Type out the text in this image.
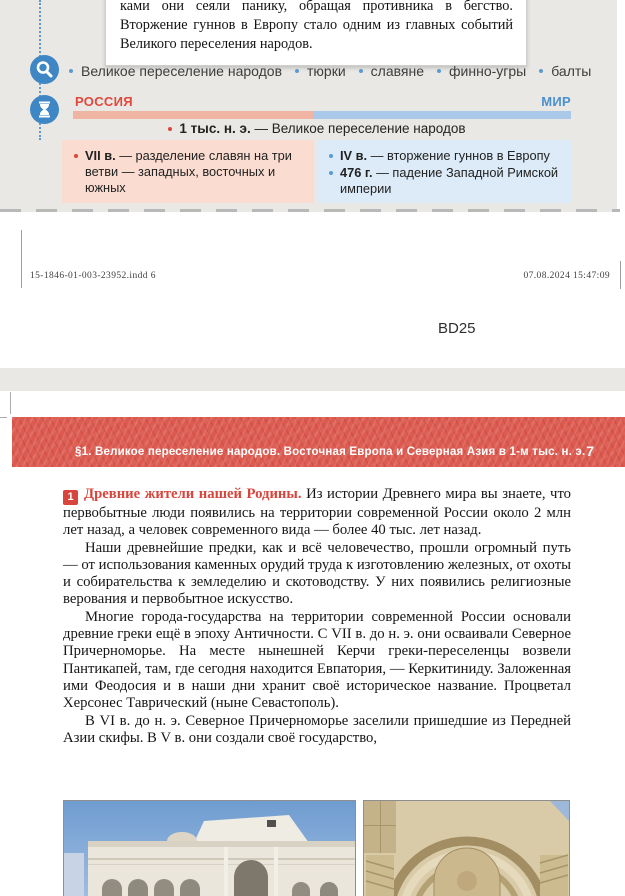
ками они сеяли панику, обращая противника в бегство. Вторжение гуннов в Европу стало одним из главных событий Великого переселения народов.

Великое переселение народов тюрки славяне финно-угры балты
РОССИЯ	МИР
1 тыс. н. э. — Великое переселение народов
VII в. — разделение славян на три ветви — западных, восточных и южных
IV в. — вторжение гуннов в Европу
476 г. — падение Западной Римской империи
15-1846-01-003-23952.indd 6	07.08.2024 15:47:09
BD25
§1. Великое переселение народов. Восточная Европа и Северная Азия в 1-м тыс. н. э. 7

1 Древние жители нашей Родины. Из истории Древнего мира вы знаете, что первобытные люди появились на территории современной России около 2 млн лет назад, а человек современного вида — более 40 тыс. лет назад.

Наши древнейшие предки, как и всё человечество, прошли огромный путь — от использования каменных орудий труда к изготовлению железных, от охоты и собирательства к земледелию и скотоводству. У них появились религиозные верования и первобытное искусство.

Многие города-государства на территории современной России основали древние греки ещё в эпоху Античности. С VII в. до н. э. они осваивали Северное Причерноморье. На месте нынешней Керчи греки-переселенцы возвели Пантикапей, там, где сегодня находится Евпатория, — Керкитиниду. Заложенная ими Феодосия и в наши дни хранит своё историческое название. Процветал Херсонес Таврический (ныне Севастополь).

В VI в. до н. э. Северное Причерноморье заселили пришедшие из Передней Азии скифы. В V в. они создали своё государство,
